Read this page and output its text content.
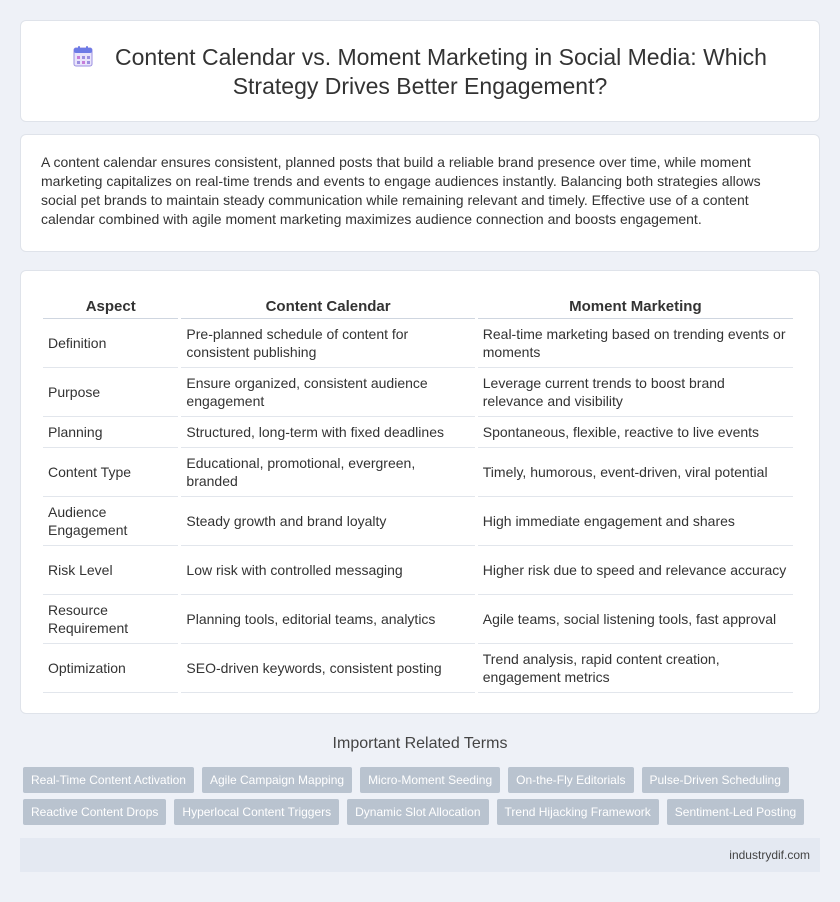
Content Calendar vs. Moment Marketing in Social Media: Which
Strategy Drives Better Engagement?

A content calendar ensures consistent, planned posts that build a reliable brand presence over time, while moment marketing capitalizes on real-time trends and events to engage audiences instantly. Balancing both strategies allows social pet brands to maintain steady communication while remaining relevant and timely. Effective use of a content calendar combined with agile moment marketing maximizes audience connection and boosts engagement.

Aspect	Content Calendar	Moment Marketing
Definition	Pre-planned schedule of content for consistent publishing	Real-time marketing based on trending events or moments
Purpose	Ensure organized, consistent audience engagement	Leverage current trends to boost brand relevance and visibility
Planning	Structured, long-term with fixed deadlines	Spontaneous, flexible, reactive to live events
Content Type	Educational, promotional, evergreen, branded	Timely, humorous, event-driven, viral potential
Audience Engagement	Steady growth and brand loyalty	High immediate engagement and shares
Risk Level	Low risk with controlled messaging	Higher risk due to speed and relevance accuracy
Resource Requirement	Planning tools, editorial teams, analytics	Agile teams, social listening tools, fast approval
Optimization	SEO-driven keywords, consistent posting	Trend analysis, rapid content creation, engagement metrics
Important Related Terms
Real-Time Content Activation	Agile Campaign Mapping	Micro-Moment Seeding	On-the-Fly Editorials	Pulse-Driven Scheduling
Reactive Content Drops	Hyperlocal Content Triggers	Dynamic Slot Allocation	Trend Hijacking Framework	Sentiment-Led Posting
industrydif.com
